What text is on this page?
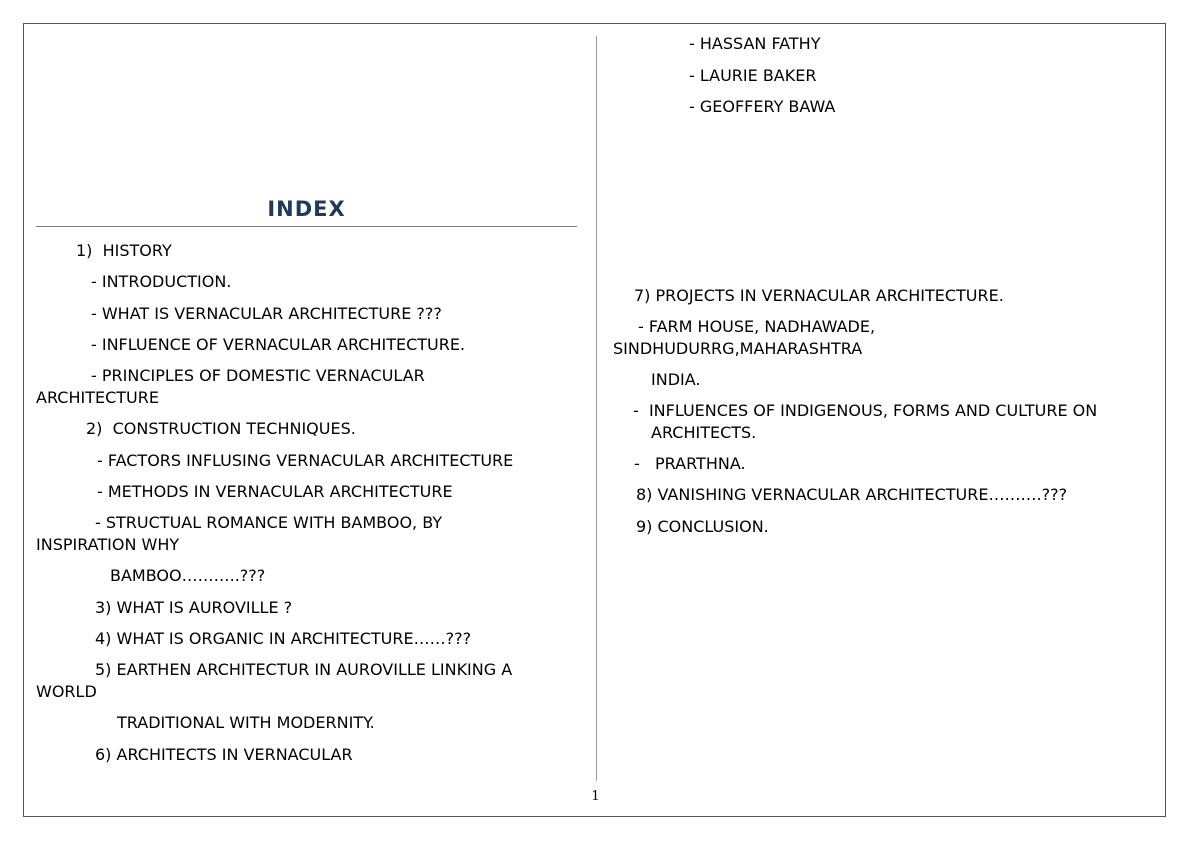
INDEX
1)  HISTORY
- INTRODUCTION.
- WHAT IS VERNACULAR ARCHITECTURE ???
- INFLUENCE OF VERNACULAR ARCHITECTURE.
- PRINCIPLES OF DOMESTIC VERNACULAR
ARCHITECTURE
2)  CONSTRUCTION TECHNIQUES.
- FACTORS INFLUSING VERNACULAR ARCHITECTURE
- METHODS IN VERNACULAR ARCHITECTURE
- STRUCTUAL ROMANCE WITH BAMBOO, BY
INSPIRATION WHY
BAMBOO………..???
3) WHAT IS AUROVILLE ?
4) WHAT IS ORGANIC IN ARCHITECTURE……???
5) EARTHEN ARCHITECTUR IN AUROVILLE LINKING A
WORLD
TRADITIONAL WITH MODERNITY.
6) ARCHITECTS IN VERNACULAR
- HASSAN FATHY
- LAURIE BAKER
- GEOFFERY BAWA
7) PROJECTS IN VERNACULAR ARCHITECTURE.
- FARM HOUSE, NADHAWADE,
SINDHUDURRG,MAHARASHTRA
INDIA.
-  INFLUENCES OF INDIGENOUS, FORMS AND CULTURE ON
ARCHITECTS.
-   PRARTHNA.
8) VANISHING VERNACULAR ARCHITECTURE……….???
9) CONCLUSION.
1
